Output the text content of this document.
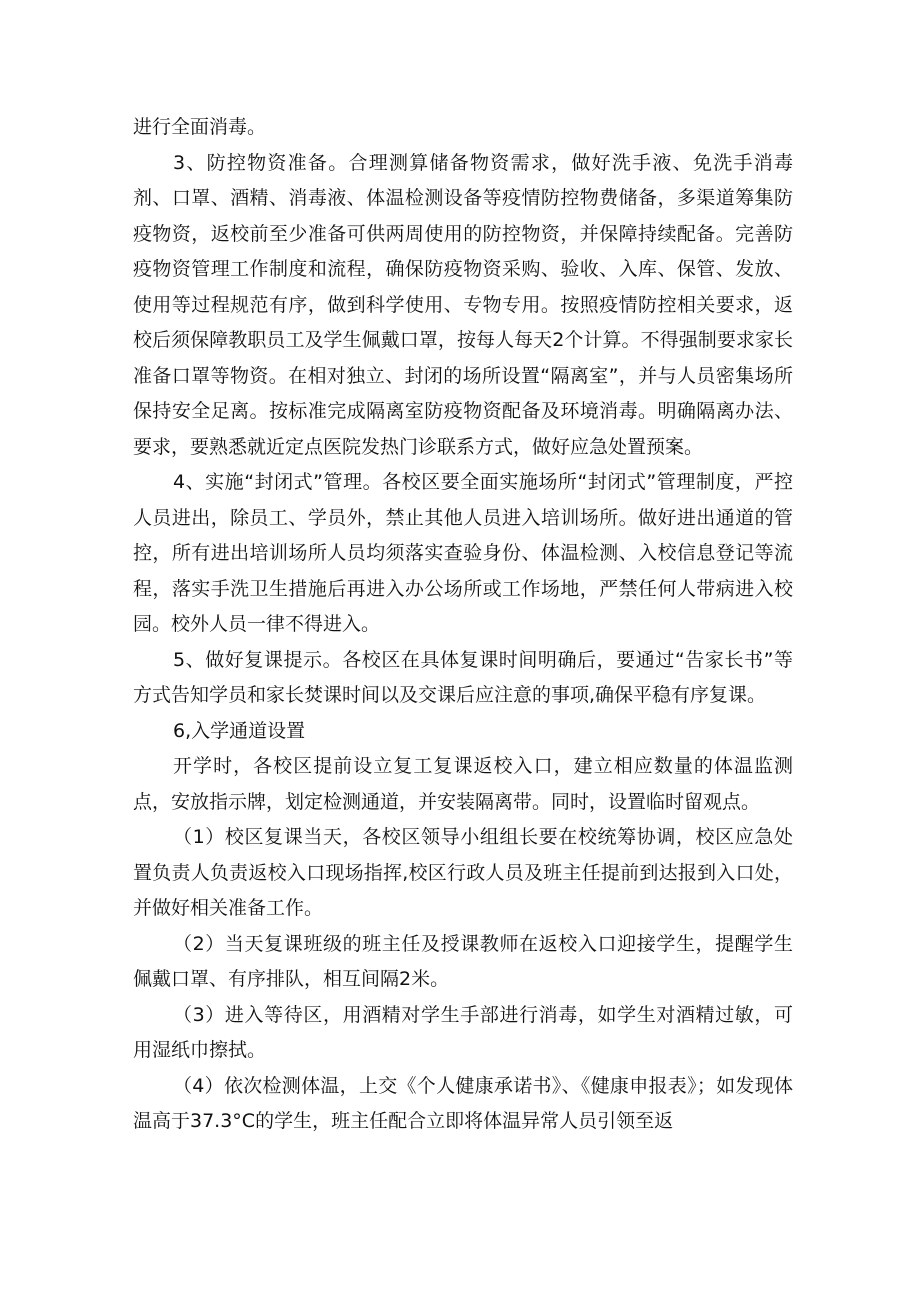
进行全面消毒。

3、防控物资准备。合理测算储备物资需求，做好洗手液、免洗手消毒剂、口罩、酒精、消毒液、体温检测设备等疫情防控物费储备，多渠道筹集防疫物资，返校前至少准备可供两周使用的防控物资，并保障持续配备。完善防疫物资管理工作制度和流程，确保防疫物资采购、验收、入库、保管、发放、使用等过程规范有序，做到科学使用、专物专用。按照疫情防控相关要求，返校后须保障教职员工及学生佩戴口罩，按每人每天2个计算。不得强制要求家长准备口罩等物资。在相对独立、封闭的场所设置“隔离室”，并与人员密集场所保持安全足离。按标准完成隔离室防疫物资配备及环境消毒。明确隔离办法、要求，要熟悉就近定点医院发热门诊联系方式，做好应急处置预案。

4、实施“封闭式”管理。各校区要全面实施场所“封闭式”管理制度，严控人员进出，除员工、学员外，禁止其他人员进入培训场所。做好进出通道的管控，所有进出培训场所人员均须落实查验身份、体温检测、入校信息登记等流程，落实手洗卫生措施后再进入办公场所或工作场地，严禁任何人带病进入校园。校外人员一律不得进入。

5、做好复课提示。各校区在具体复课时间明确后，要通过“告家长书”等方式告知学员和家长焚课时间以及交课后应注意的事项,确保平稳有序复课。

6,入学通道设置

开学时，各校区提前设立复工复课返校入口，建立相应数量的体温监测点，安放指示牌，划定检测通道，并安装隔离带。同时，设置临时留观点。

（1）校区复课当天，各校区领导小组组长要在校统筹协调，校区应急处置负责人负责返校入口现场指挥,校区行政人员及班主任提前到达报到入口处，并做好相关准备工作。

（2）当天复课班级的班主任及授课教师在返校入口迎接学生，提醒学生佩戴口罩、有序排队，相互间隔2米。

（3）进入等待区，用酒精对学生手部进行消毒，如学生对酒精过敏，可用湿纸巾擦拭。

（4）依次检测体温，上交《个人健康承诺书》、《健康申报表》；如发现体温高于37.3°C的学生，班主任配合立即将体温异常人员引领至返
